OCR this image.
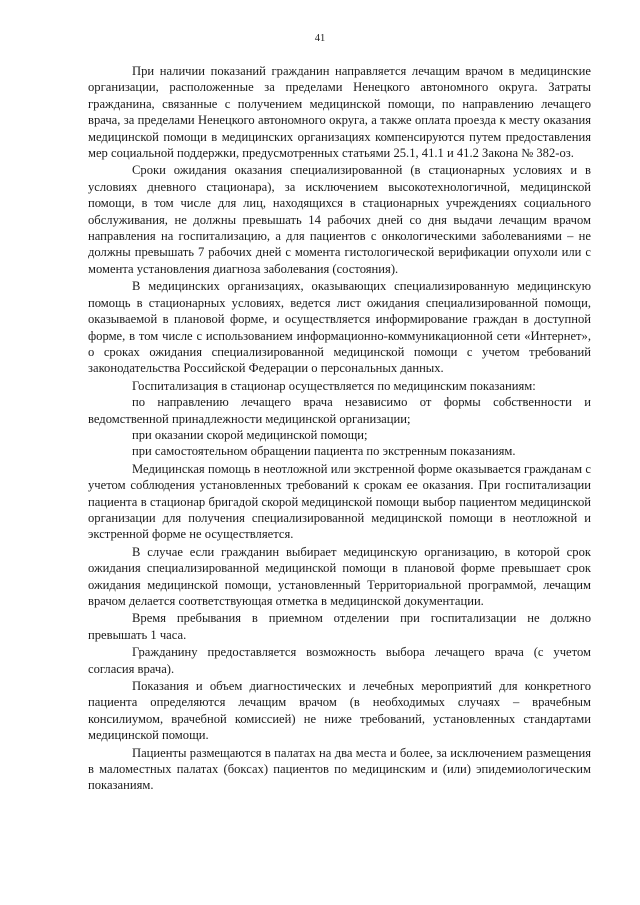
41

При наличии показаний гражданин направляется лечащим врачом в медицинские организации, расположенные за пределами Ненецкого автономного округа. Затраты гражданина, связанные с получением медицинской помощи, по направлению лечащего врача, за пределами Ненецкого автономного округа, а также оплата проезда к месту оказания медицинской помощи в медицинских организациях компенсируются путем предоставления мер социальной поддержки, предусмотренных статьями 25.1, 41.1 и 41.2 Закона № 382-оз.

Сроки ожидания оказания специализированной (в стационарных условиях и в условиях дневного стационара), за исключением высокотехнологичной, медицинской помощи, в том числе для лиц, находящихся в стационарных учреждениях социального обслуживания, не должны превышать 14 рабочих дней со дня выдачи лечащим врачом направления на госпитализацию, а для пациентов с онкологическими заболеваниями – не должны превышать 7 рабочих дней с момента гистологической верификации опухоли или с момента установления диагноза заболевания (состояния).

В медицинских организациях, оказывающих специализированную медицинскую помощь в стационарных условиях, ведется лист ожидания специализированной помощи, оказываемой в плановой форме, и осуществляется информирование граждан в доступной форме, в том числе с использованием информационно-коммуникационной сети «Интернет», о сроках ожидания специализированной медицинской помощи с учетом требований законодательства Российской Федерации о персональных данных.

Госпитализация в стационар осуществляется по медицинским показаниям:

по направлению лечащего врача независимо от формы собственности и ведомственной принадлежности медицинской организации;

при оказании скорой медицинской помощи;

при самостоятельном обращении пациента по экстренным показаниям.

Медицинская помощь в неотложной или экстренной форме оказывается гражданам с учетом соблюдения установленных требований к срокам ее оказания. При госпитализации пациента в стационар бригадой скорой медицинской помощи выбор пациентом медицинской организации для получения специализированной медицинской помощи в неотложной и экстренной форме не осуществляется.

В случае если гражданин выбирает медицинскую организацию, в которой срок ожидания специализированной медицинской помощи в плановой форме превышает срок ожидания медицинской помощи, установленный Территориальной программой, лечащим врачом делается соответствующая отметка в медицинской документации.

Время пребывания в приемном отделении при госпитализации не должно превышать 1 часа.

Гражданину предоставляется возможность выбора лечащего врача (с учетом согласия врача).

Показания и объем диагностических и лечебных мероприятий для конкретного пациента определяются лечащим врачом (в необходимых случаях – врачебным консилиумом, врачебной комиссией) не ниже требований, установленных стандартами медицинской помощи.

Пациенты размещаются в палатах на два места и более, за исключением размещения в маломестных палатах (боксах) пациентов по медицинским и (или) эпидемиологическим показаниям.
